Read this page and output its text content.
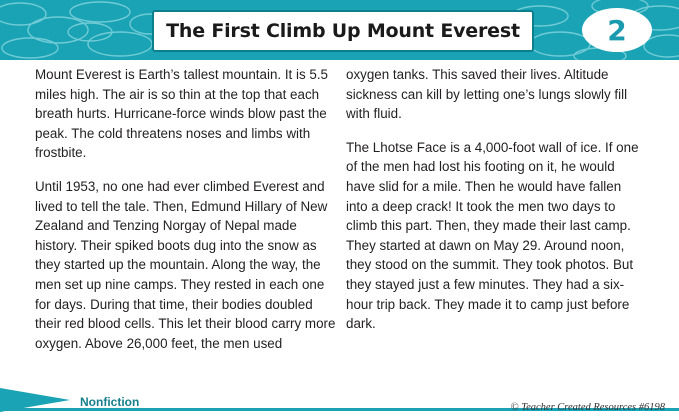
The First Climb Up Mount Everest	2

Mount Everest is Earth’s tallest mountain. It is 5.5 miles high. The air is so thin at the top that each breath hurts. Hurricane-force winds blow past the peak. The cold threatens noses and limbs with frostbite.

Until 1953, no one had ever climbed Everest and lived to tell the tale. Then, Edmund Hillary of New Zealand and Tenzing Norgay of Nepal made history. Their spiked boots dug into the snow as they started up the mountain. Along the way, the men set up nine camps. They rested in each one for days. During that time, their bodies doubled their red blood cells. This let their blood carry more oxygen. Above 26,000 feet, the men used

oxygen tanks. This saved their lives. Altitude sickness can kill by letting one’s lungs slowly fill with fluid.

The Lhotse Face is a 4,000-foot wall of ice. If one of the men had lost his footing on it, he would have slid for a mile. Then he would have fallen into a deep crack! It took the men two days to climb this part. Then, they made their last camp. They started at dawn on May 29. Around noon, they stood on the summit. They took photos. But they stayed just a few minutes. They had a six-hour trip back. They made it to camp just before dark.

Nonfiction	© Teacher Created Resources #6198
